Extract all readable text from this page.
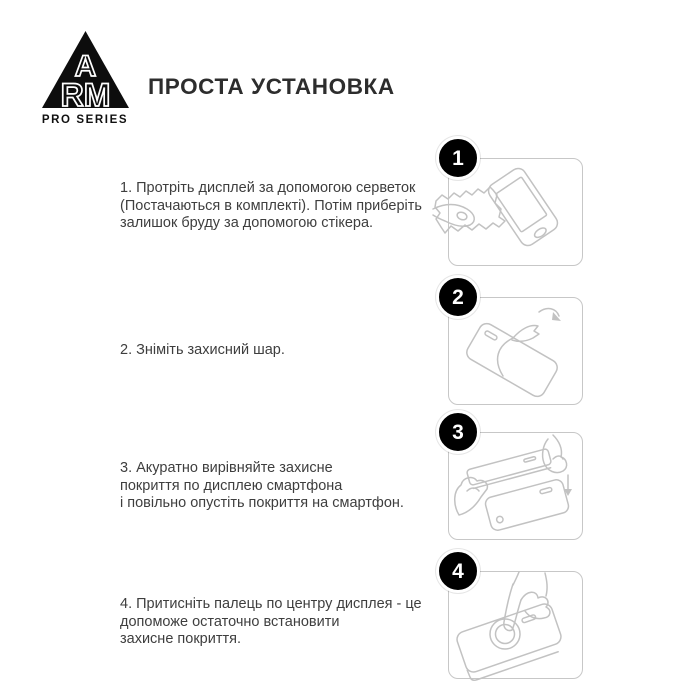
A
RM
PRO SERIES
ПРОСТА УСТАНОВКА

1. Протріть дисплей за допомогою серветок
(Постачаються в комплекті). Потім приберіть
залишок бруду за допомогою стікера.

2. Зніміть захисний шар.

3. Акуратно вирівняйте захисне
покриття по дисплею смартфона
і повільно опустіть покриття на смартфон.

4. Притисніть палець по центру дисплея - це
допоможе остаточно встановити
захисне покриття.

1
2
3
4
